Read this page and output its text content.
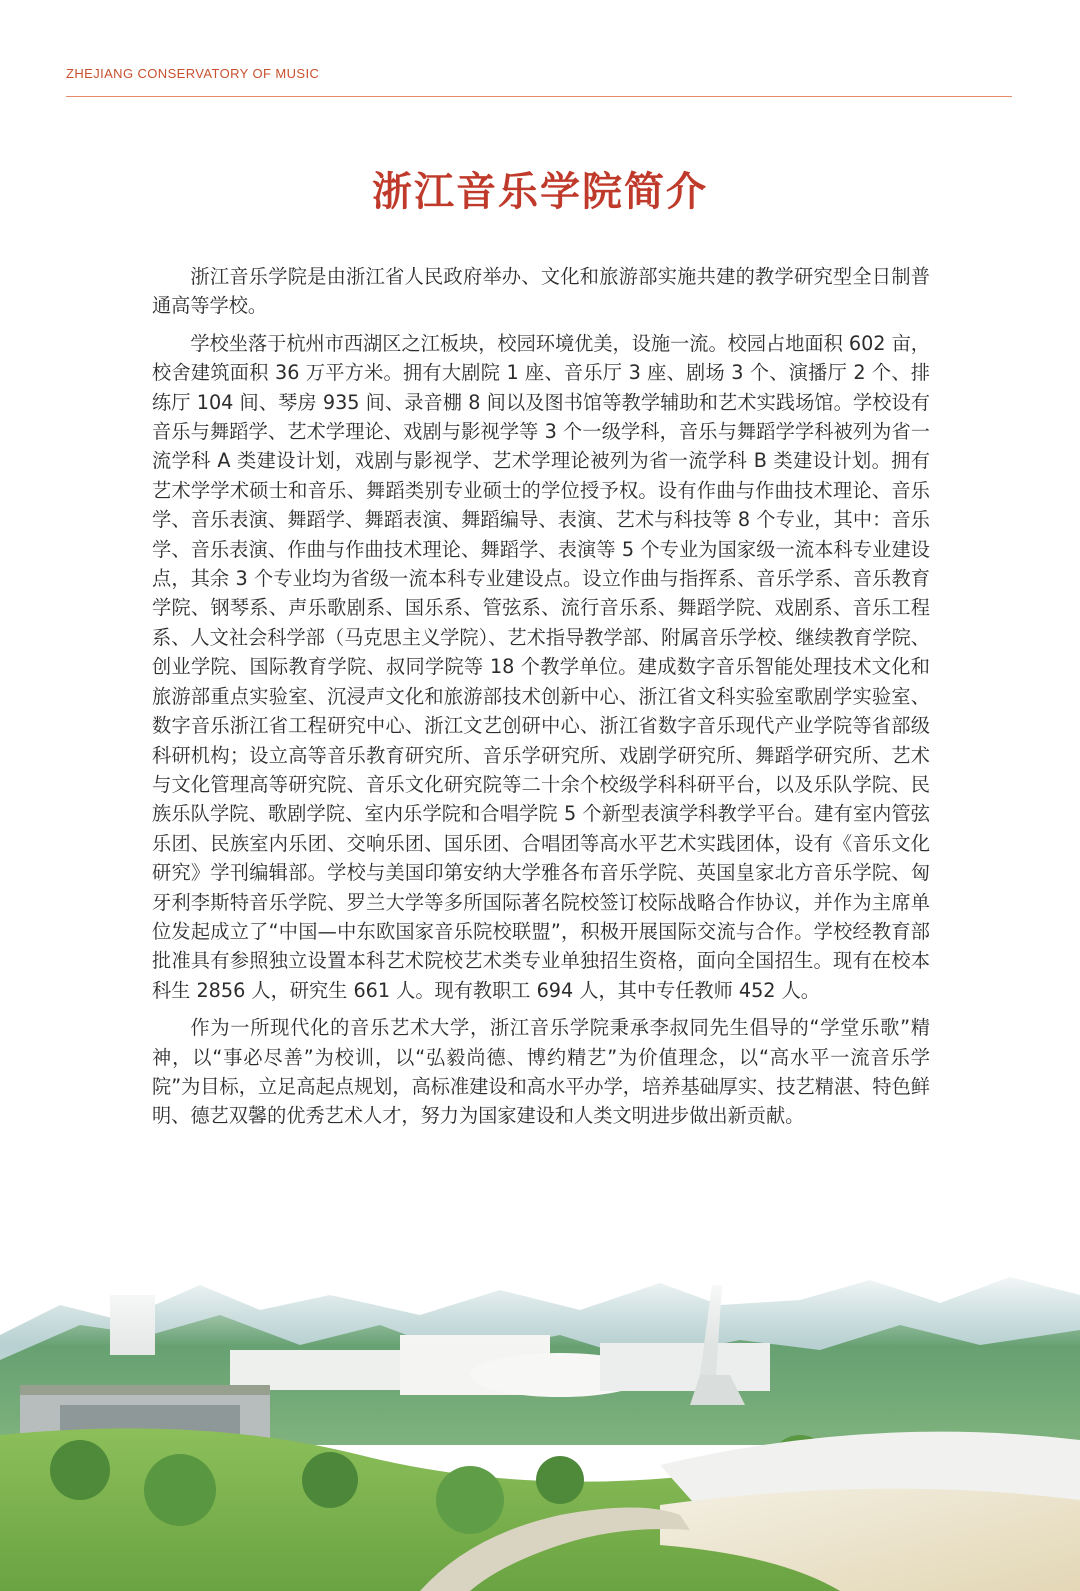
ZHEJIANG CONSERVATORY OF MUSIC
浙江音乐学院简介

浙江音乐学院是由浙江省人民政府举办、文化和旅游部实施共建的教学研究型全日制普通高等学校。

学校坐落于杭州市西湖区之江板块，校园环境优美，设施一流。校园占地面积 602 亩，校舍建筑面积 36 万平方米。拥有大剧院 1 座、音乐厅 3 座、剧场 3 个、演播厅 2 个、排练厅 104 间、琴房 935 间、录音棚 8 间以及图书馆等教学辅助和艺术实践场馆。学校设有音乐与舞蹈学、艺术学理论、戏剧与影视学等 3 个一级学科，音乐与舞蹈学学科被列为省一流学科 A 类建设计划，戏剧与影视学、艺术学理论被列为省一流学科 B 类建设计划。拥有艺术学学术硕士和音乐、舞蹈类别专业硕士的学位授予权。设有作曲与作曲技术理论、音乐学、音乐表演、舞蹈学、舞蹈表演、舞蹈编导、表演、艺术与科技等 8 个专业，其中：音乐学、音乐表演、作曲与作曲技术理论、舞蹈学、表演等 5 个专业为国家级一流本科专业建设点，其余 3 个专业均为省级一流本科专业建设点。设立作曲与指挥系、音乐学系、音乐教育学院、钢琴系、声乐歌剧系、国乐系、管弦系、流行音乐系、舞蹈学院、戏剧系、音乐工程系、人文社会科学部（马克思主义学院）、艺术指导教学部、附属音乐学校、继续教育学院、创业学院、国际教育学院、叔同学院等 18 个教学单位。建成数字音乐智能处理技术文化和旅游部重点实验室、沉浸声文化和旅游部技术创新中心、浙江省文科实验室歌剧学实验室、数字音乐浙江省工程研究中心、浙江文艺创研中心、浙江省数字音乐现代产业学院等省部级科研机构；设立高等音乐教育研究所、音乐学研究所、戏剧学研究所、舞蹈学研究所、艺术与文化管理高等研究院、音乐文化研究院等二十余个校级学科科研平台，以及乐队学院、民族乐队学院、歌剧学院、室内乐学院和合唱学院 5 个新型表演学科教学平台。建有室内管弦乐团、民族室内乐团、交响乐团、国乐团、合唱团等高水平艺术实践团体，设有《音乐文化研究》学刊编辑部。学校与美国印第安纳大学雅各布音乐学院、英国皇家北方音乐学院、匈牙利李斯特音乐学院、罗兰大学等多所国际著名院校签订校际战略合作协议，并作为主席单位发起成立了“中国—中东欧国家音乐院校联盟”，积极开展国际交流与合作。学校经教育部批准具有参照独立设置本科艺术院校艺术类专业单独招生资格，面向全国招生。现有在校本科生 2856 人，研究生 661 人。现有教职工 694 人，其中专任教师 452 人。

作为一所现代化的音乐艺术大学，浙江音乐学院秉承李叔同先生倡导的“学堂乐歌”精神，以“事必尽善”为校训，以“弘毅尚德、博约精艺”为价值理念，以“高水平一流音乐学院”为目标，立足高起点规划，高标准建设和高水平办学，培养基础厚实、技艺精湛、特色鲜明、德艺双馨的优秀艺术人才，努力为国家建设和人类文明进步做出新贡献。
